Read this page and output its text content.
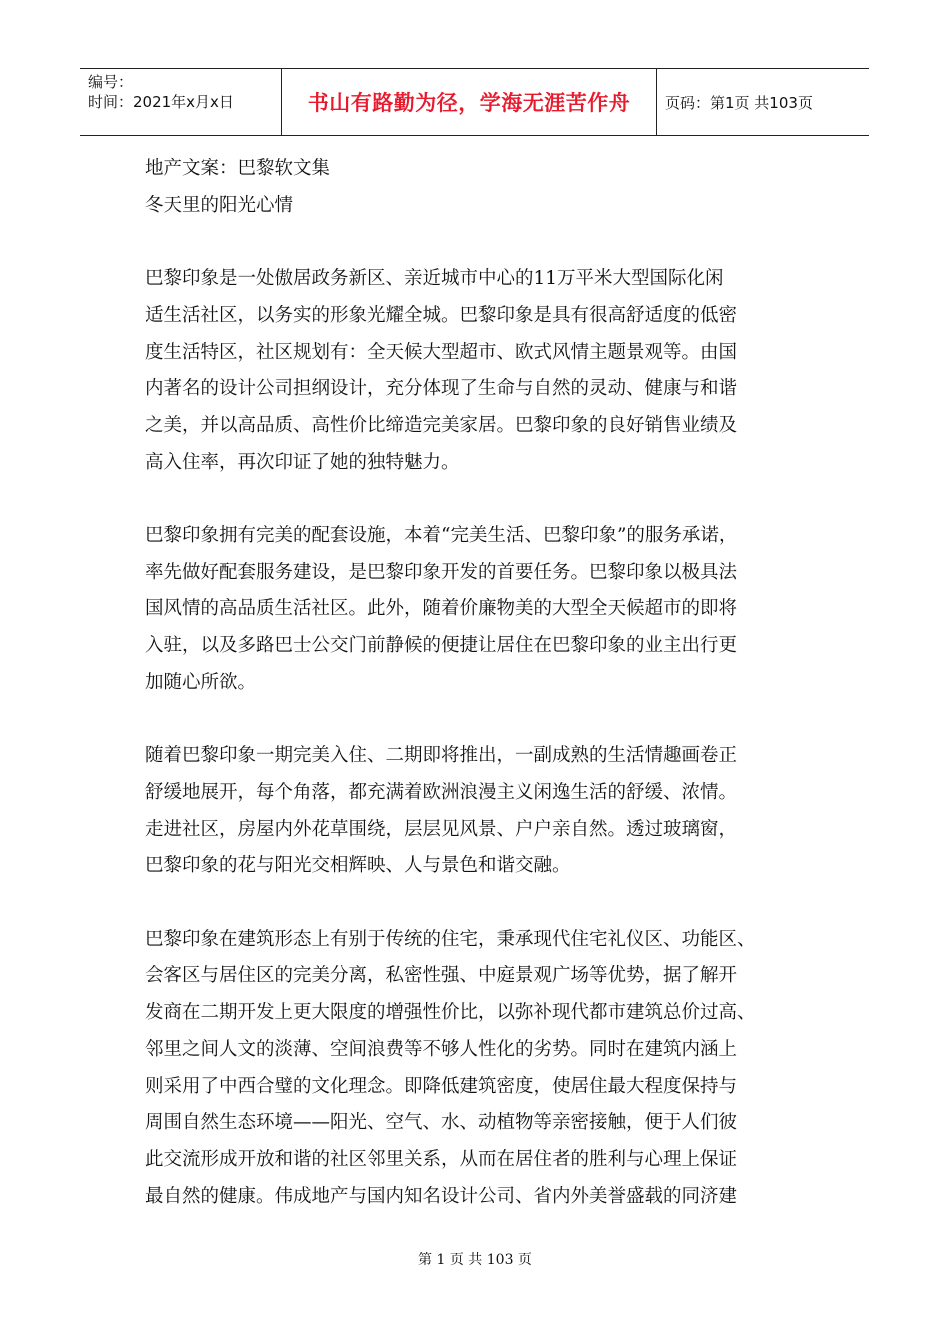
编号：
时间：2021年x月x日	书山有路勤为径，学海无涯苦作舟	页码：第1页 共103页

地产文案：巴黎软文集

冬天里的阳光心情

巴黎印象是一处傲居政务新区、亲近城市中心的11万平米大型国际化闲

适生活社区，以务实的形象光耀全城。巴黎印象是具有很高舒适度的低密

度生活特区，社区规划有：全天候大型超市、欧式风情主题景观等。由国

内著名的设计公司担纲设计，充分体现了生命与自然的灵动、健康与和谐

之美，并以高品质、高性价比缔造完美家居。巴黎印象的良好销售业绩及

高入住率，再次印证了她的独特魅力。

巴黎印象拥有完美的配套设施，本着“完美生活、巴黎印象”的服务承诺，

率先做好配套服务建设，是巴黎印象开发的首要任务。巴黎印象以极具法

国风情的高品质生活社区。此外，随着价廉物美的大型全天候超市的即将

入驻，以及多路巴士公交门前静候的便捷让居住在巴黎印象的业主出行更

加随心所欲。

随着巴黎印象一期完美入住、二期即将推出，一副成熟的生活情趣画卷正

舒缓地展开，每个角落，都充满着欧洲浪漫主义闲逸生活的舒缓、浓情。

走进社区，房屋内外花草围绕，层层见风景、户户亲自然。透过玻璃窗，

巴黎印象的花与阳光交相辉映、人与景色和谐交融。

巴黎印象在建筑形态上有别于传统的住宅，秉承现代住宅礼仪区、功能区、

会客区与居住区的完美分离，私密性强、中庭景观广场等优势，据了解开

发商在二期开发上更大限度的增强性价比，以弥补现代都市建筑总价过高、

邻里之间人文的淡薄、空间浪费等不够人性化的劣势。同时在建筑内涵上

则采用了中西合璧的文化理念。即降低建筑密度，使居住最大程度保持与

周围自然生态环境——阳光、空气、水、动植物等亲密接触，便于人们彼

此交流形成开放和谐的社区邻里关系，从而在居住者的胜利与心理上保证

最自然的健康。伟成地产与国内知名设计公司、省内外美誉盛载的同济建

第 1 页 共 103 页
